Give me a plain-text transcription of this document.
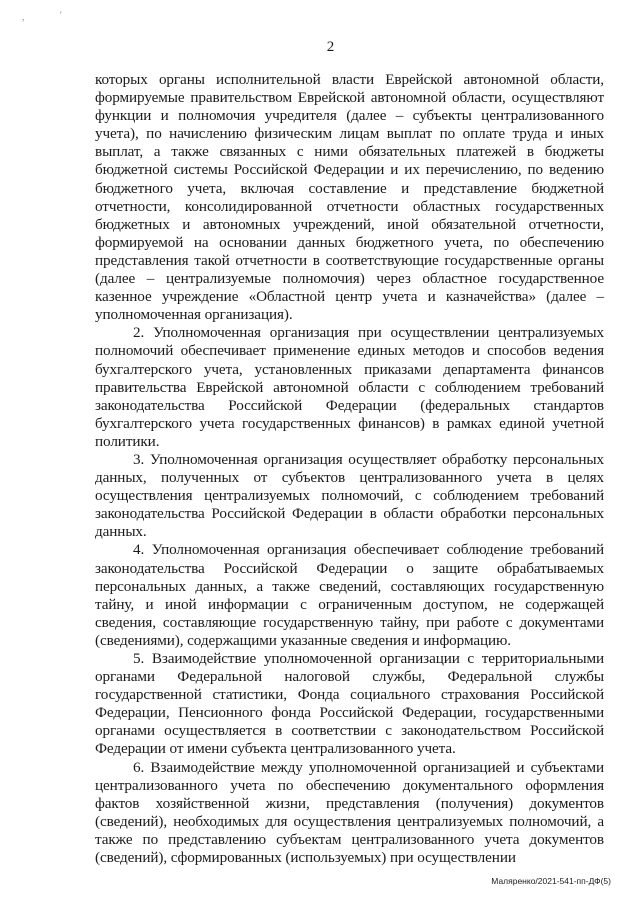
,	'
2

которых органы исполнительной власти Еврейской автономной области, формируемые правительством Еврейской автономной области, осуществляют функции и полномочия учредителя (далее – субъекты централизованного учета), по начислению физическим лицам выплат по оплате труда и иных выплат, а также связанных с ними обязательных платежей в бюджеты бюджетной системы Российской Федерации и их перечислению, по ведению бюджетного учета, включая составление и представление бюджетной отчетности, консолидированной отчетности областных государственных бюджетных и автономных учреждений, иной обязательной отчетности, формируемой на основании данных бюджетного учета, по обеспечению представления такой отчетности в соответствующие государственные органы (далее – централизуемые полномочия) через областное государственное казенное учреждение «Областной центр учета и казначейства» (далее – уполномоченная организация).

2. Уполномоченная организация при осуществлении централизуемых полномочий обеспечивает применение единых методов и способов ведения бухгалтерского учета, установленных приказами департамента финансов правительства Еврейской автономной области с соблюдением требований законодательства Российской Федерации (федеральных стандартов бухгалтерского учета государственных финансов) в рамках единой учетной политики.

3. Уполномоченная организация осуществляет обработку персональных данных, полученных от субъектов централизованного учета в целях осуществления централизуемых полномочий, с соблюдением требований законодательства Российской Федерации в области обработки персональных данных.

4. Уполномоченная организация обеспечивает соблюдение требований законодательства Российской Федерации о защите обрабатываемых персональных данных, а также сведений, составляющих государственную тайну, и иной информации с ограниченным доступом, не содержащей сведения, составляющие государственную тайну, при работе с документами (сведениями), содержащими указанные сведения и информацию.

5. Взаимодействие уполномоченной организации с территориальными органами Федеральной налоговой службы, Федеральной службы государственной статистики, Фонда социального страхования Российской Федерации, Пенсионного фонда Российской Федерации, государственными органами осуществляется в соответствии с законодательством Российской Федерации от имени субъекта централизованного учета.

6. Взаимодействие между уполномоченной организацией и субъектами централизованного учета по обеспечению документального оформления фактов хозяйственной жизни, представления (получения) документов (сведений), необходимых для осуществления централизуемых полномочий, а также по представлению субъектам централизованного учета документов (сведений), сформированных (используемых) при осуществлении

Маляренко/2021-541-пп-ДФ(5)
